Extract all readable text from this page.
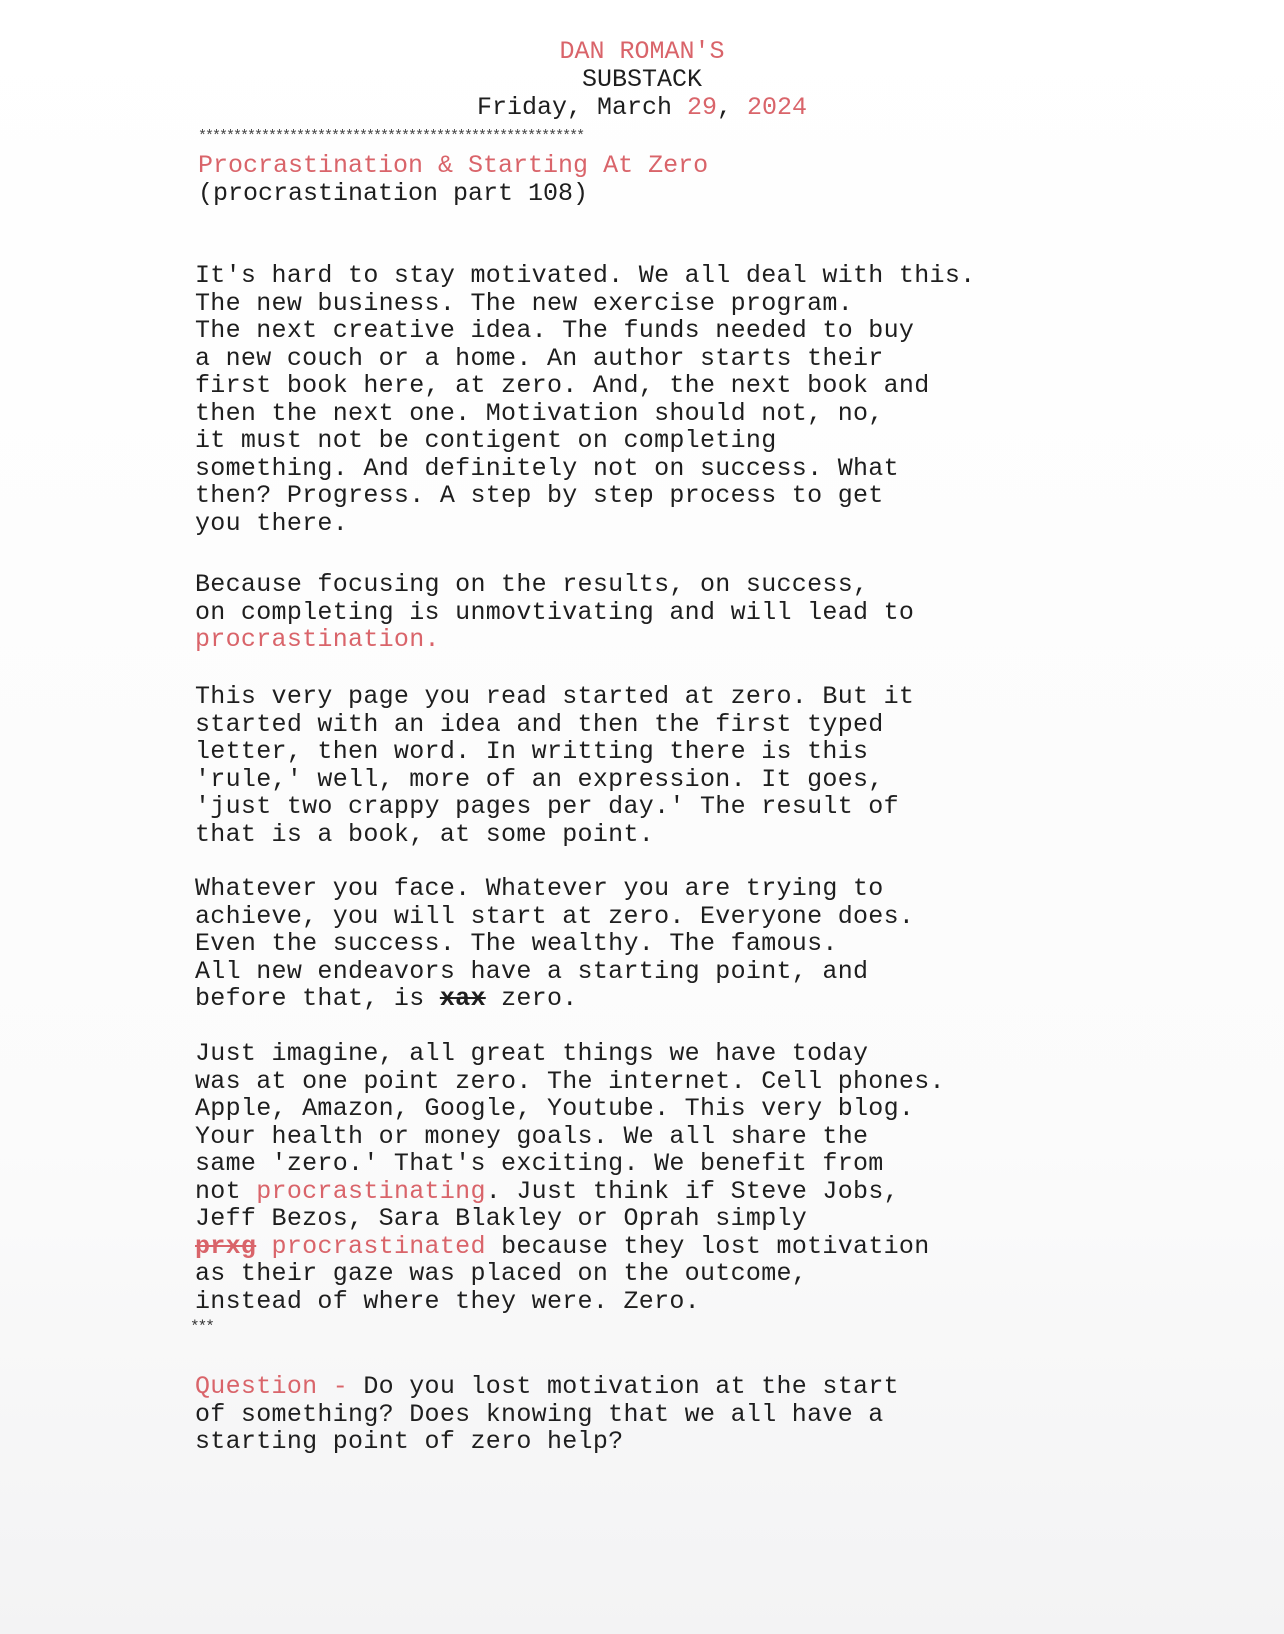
DAN ROMAN'S
SUBSTACK
Friday, March 29, 2024
*******************************************************
Procrastination & Starting At Zero
(procrastination part 108)
It's hard to stay motivated. We all deal with this.
The new business. The new exercise program.
The next creative idea. The funds needed to buy
a new couch or a home. An author starts their
first book here, at zero. And, the next book and
then the next one. Motivation should not, no,
it must not be contigent on completing
something. And definitely not on success. What
then? Progress. A step by step process to get
you there.
Because focusing on the results, on success,
on completing is unmovtivating and will lead to
procrastination.
This very page you read started at zero. But it
started with an idea and then the first typed
letter, then word. In writting there is this
'rule,' well, more of an expression. It goes,
'just two crappy pages per day.' The result of
that is a book, at some point.
Whatever you face. Whatever you are trying to
achieve, you will start at zero. Everyone does.
Even the success. The wealthy. The famous.
All new endeavors have a starting point, and
before that, is xax zero.
Just imagine, all great things we have today
was at one point zero. The internet. Cell phones.
Apple, Amazon, Google, Youtube. This very blog.
Your health or money goals. We all share the
same 'zero.' That's exciting. We benefit from
not procrastinating. Just think if Steve Jobs,
Jeff Bezos, Sara Blakley or Oprah simply
prxg procrastinated because they lost motivation
as their gaze was placed on the outcome,
instead of where they were. Zero.
***
Question - Do you lost motivation at the start
of something? Does knowing that we all have a
starting point of zero help?
